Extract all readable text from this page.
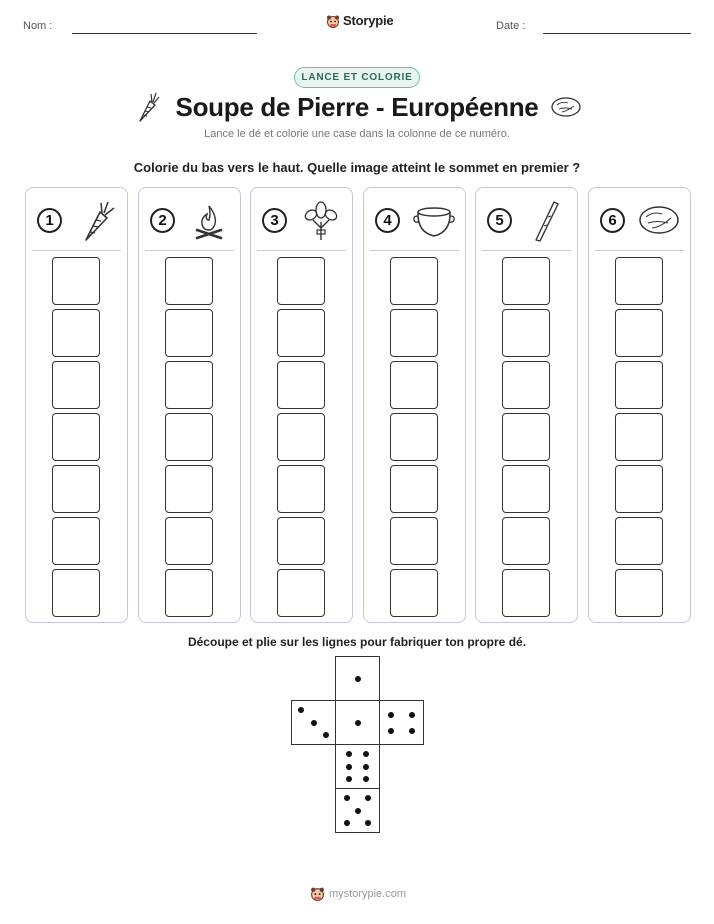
Nom :	Storypie	Date :
LANCE ET COLORIE
Soupe de Pierre - Européenne
Lance le dé et colorie une case dans la colonne de ce numéro.
Colorie du bas vers le haut. Quelle image atteint le sommet en premier ?
1	2	3	4	5	6
Découpe et plie sur les lignes pour fabriquer ton propre dé.
mystorypie.com
